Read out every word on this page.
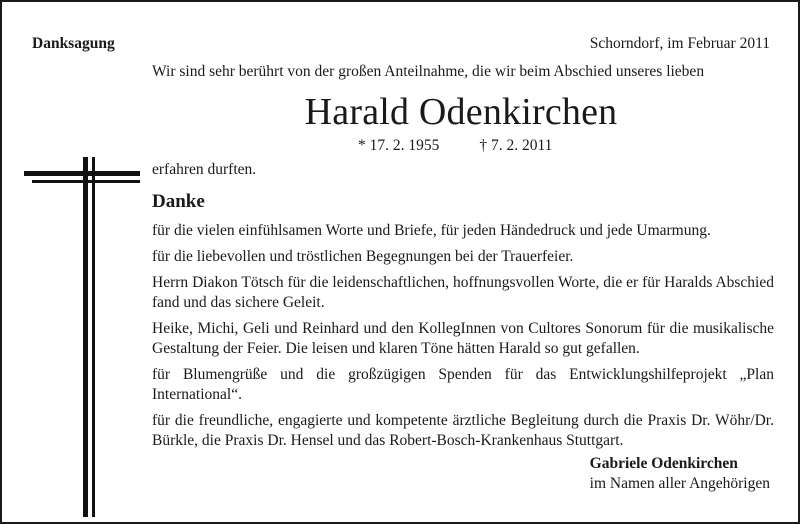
Danksagung	Schorndorf, im Februar 2011
Wir sind sehr berührt von der großen Anteilnahme, die wir beim Abschied unseres lieben
Harald Odenkirchen
* 17. 2. 1955	† 7. 2. 2011
erfahren durften.
Danke

für die vielen einfühlsamen Worte und Briefe, für jeden Händedruck und jede Umarmung.

für die liebevollen und tröstlichen Begegnungen bei der Trauerfeier.

Herrn Diakon Tötsch für die leidenschaftlichen, hoffnungsvollen Worte, die er für Haralds Abschied fand und das sichere Geleit.

Heike, Michi, Geli und Reinhard und den KollegInnen von Cultores Sonorum für die musikalische Gestaltung der Feier. Die leisen und klaren Töne hätten Harald so gut gefallen.

für Blumengrüße und die großzügigen Spenden für das Entwicklungshilfeprojekt „Plan International“.

für die freundliche, engagierte und kompetente ärztliche Begleitung durch die Praxis Dr. Wöhr/Dr. Bürkle, die Praxis Dr. Hensel und das Robert-Bosch-Krankenhaus Stuttgart.

Gabriele Odenkirchen
im Namen aller Angehörigen
